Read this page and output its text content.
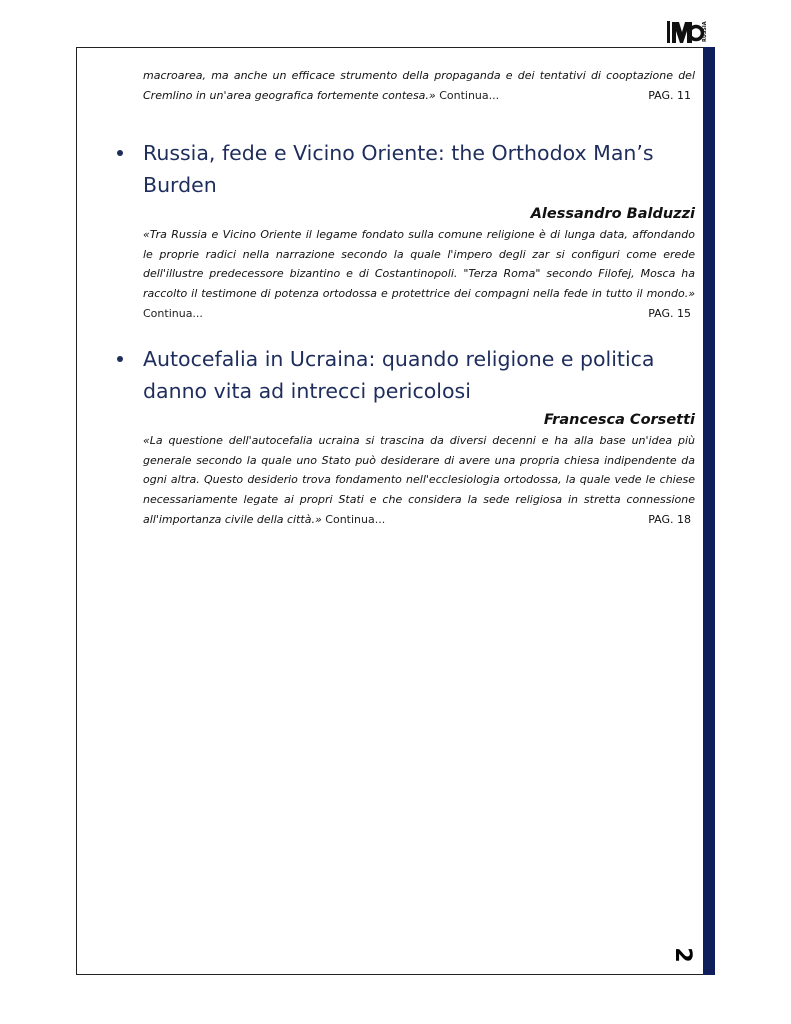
RUSSIA

macroarea, ma anche un efficace strumento della propaganda e dei tentativi di cooptazione del Cremlino in un'area geografica fortemente contesa.» Continua...	PAG. 11

Russia, fede e Vicino Oriente: the Orthodox Man’s Burden
Alessandro Balduzzi

«Tra Russia e Vicino Oriente il legame fondato sulla comune religione è di lunga data, affondando le proprie radici nella narrazione secondo la quale l'impero degli zar si configuri come erede dell'illustre predecessore bizantino e di Costantinopoli. "Terza Roma" secondo Filofej, Mosca ha raccolto il testimone di potenza ortodossa e protettrice dei compagni nella fede in tutto il mondo.» Continua...	PAG. 15

Autocefalia in Ucraina: quando religione e politica danno vita ad intrecci pericolosi
Francesca Corsetti

«La questione dell'autocefalia ucraina si trascina da diversi decenni e ha alla base un'idea più generale secondo la quale uno Stato può desiderare di avere una propria chiesa indipendente da ogni altra. Questo desiderio trova fondamento nell'ecclesiologia ortodossa, la quale vede le chiese necessariamente legate ai propri Stati e che considera la sede religiosa in stretta connessione all'importanza civile della città.» Continua...	PAG. 18

2
